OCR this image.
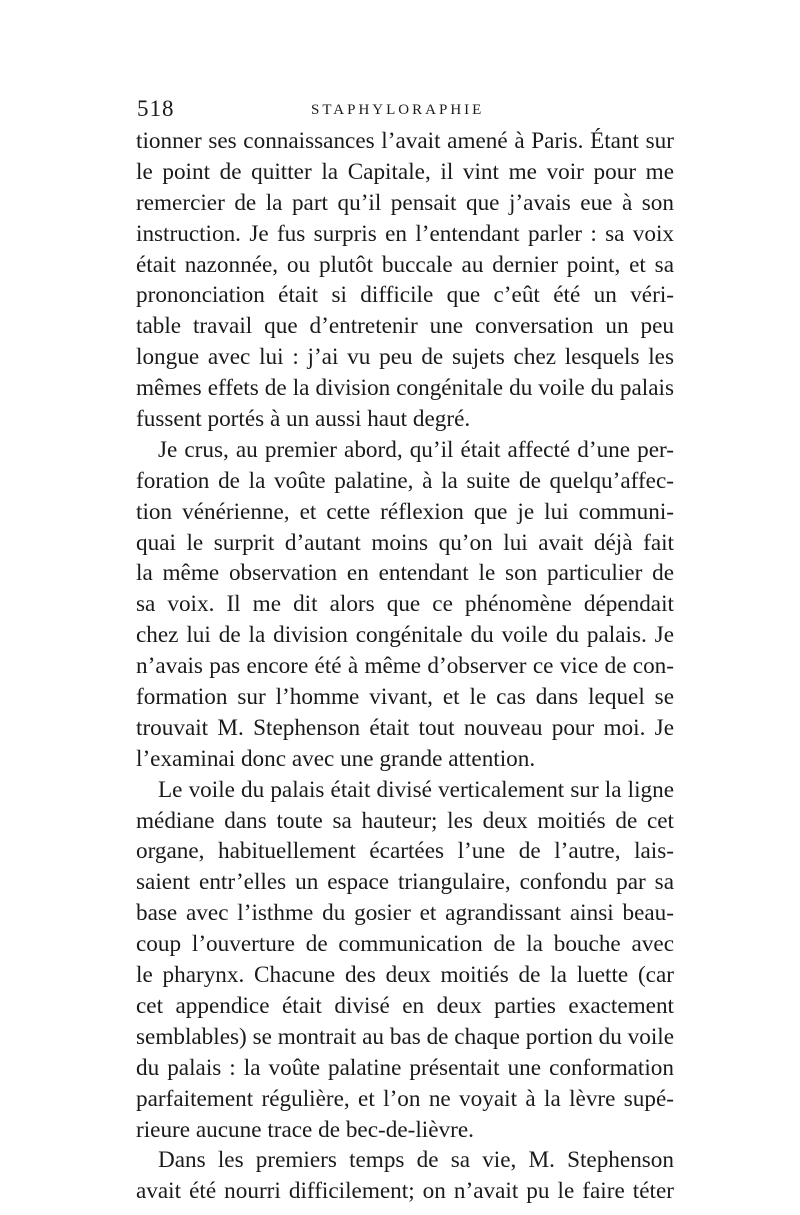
518	STAPHYLORAPHIE
tionner ses connaissances l’avait amené à Paris. Étant sur
le point de quitter la Capitale, il vint me voir pour me
remercier de la part qu’il pensait que j’avais eue à son
instruction. Je fus surpris en l’entendant parler : sa voix
était nazonnée, ou plutôt buccale au dernier point, et sa
prononciation était si difficile que c’eût été un véri-
table travail que d’entretenir une conversation un peu
longue avec lui : j’ai vu peu de sujets chez lesquels les
mêmes effets de la division congénitale du voile du palais
fussent portés à un aussi haut degré.
Je crus, au premier abord, qu’il était affecté d’une per-
foration de la voûte palatine, à la suite de quelqu’affec-
tion vénérienne, et cette réflexion que je lui communi-
quai le surprit d’autant moins qu’on lui avait déjà fait
la même observation en entendant le son particulier de
sa voix. Il me dit alors que ce phénomène dépendait
chez lui de la division congénitale du voile du palais. Je
n’avais pas encore été à même d’observer ce vice de con-
formation sur l’homme vivant, et le cas dans lequel se
trouvait M. Stephenson était tout nouveau pour moi. Je
l’examinai donc avec une grande attention.
Le voile du palais était divisé verticalement sur la ligne
médiane dans toute sa hauteur; les deux moitiés de cet
organe, habituellement écartées l’une de l’autre, lais-
saient entr’elles un espace triangulaire, confondu par sa
base avec l’isthme du gosier et agrandissant ainsi beau-
coup l’ouverture de communication de la bouche avec
le pharynx. Chacune des deux moitiés de la luette (car
cet appendice était divisé en deux parties exactement
semblables) se montrait au bas de chaque portion du voile
du palais : la voûte palatine présentait une conformation
parfaitement régulière, et l’on ne voyait à la lèvre supé-
rieure aucune trace de bec-de-lièvre.
Dans les premiers temps de sa vie, M. Stephenson
avait été nourri difficilement; on n’avait pu le faire téter
